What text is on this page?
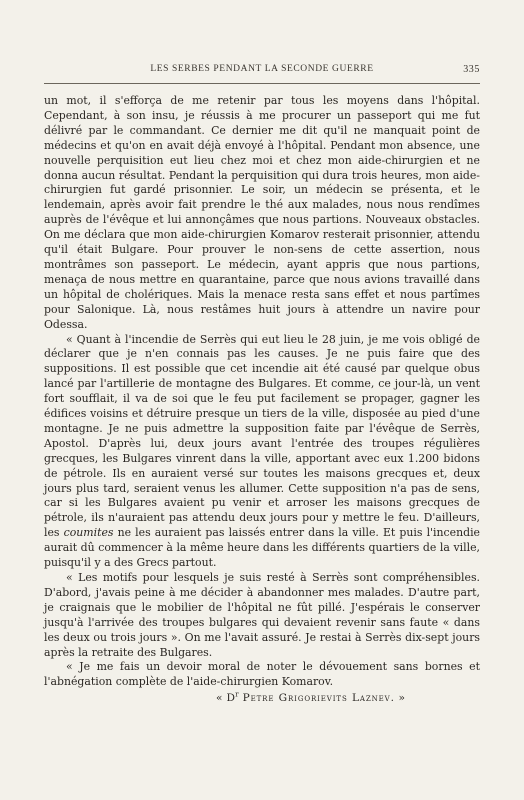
LES SERBES PENDANT LA SECONDE GUERRE	335

un mot, il s'efforça de me retenir par tous les moyens dans l'hôpital. Cependant, à son insu, je réussis à me procurer un passeport qui me fut délivré par le commandant. Ce dernier me dit qu'il ne manquait point de médecins et qu'on en avait déjà envoyé à l'hôpital. Pendant mon absence, une nouvelle perquisition eut lieu chez moi et chez mon aide-chirurgien et ne donna aucun résultat. Pendant la perquisition qui dura trois heures, mon aide-chirurgien fut gardé prisonnier. Le soir, un médecin se présenta, et le lendemain, après avoir fait prendre le thé aux malades, nous nous rendîmes auprès de l'évêque et lui annonçâmes que nous partions. Nouveaux obstacles. On me déclara que mon aide-chirurgien Komarov resterait prisonnier, attendu qu'il était Bulgare. Pour prouver le non-sens de cette assertion, nous montrâmes son passeport. Le médecin, ayant appris que nous partions, menaça de nous mettre en quarantaine, parce que nous avions travaillé dans un hôpital de cholériques. Mais la menace resta sans effet et nous partîmes pour Salonique. Là, nous restâmes huit jours à attendre un navire pour Odessa.

« Quant à l'incendie de Serrès qui eut lieu le 28 juin, je me vois obligé de déclarer que je n'en connais pas les causes. Je ne puis faire que des suppositions. Il est possible que cet incendie ait été causé par quelque obus lancé par l'artillerie de montagne des Bulgares. Et comme, ce jour-là, un vent fort soufflait, il va de soi que le feu put facilement se propager, gagner les édifices voisins et détruire presque un tiers de la ville, disposée au pied d'une montagne. Je ne puis admettre la supposition faite par l'évêque de Serrès, Apostol. D'après lui, deux jours avant l'entrée des troupes régulières grecques, les Bulgares vinrent dans la ville, apportant avec eux 1.200 bidons de pétrole. Ils en auraient versé sur toutes les maisons grecques et, deux jours plus tard, seraient venus les allumer. Cette supposition n'a pas de sens, car si les Bulgares avaient pu venir et arroser les maisons grecques de pétrole, ils n'auraient pas attendu deux jours pour y mettre le feu. D'ailleurs, les coumites ne les auraient pas laissés entrer dans la ville. Et puis l'incendie aurait dû commencer à la même heure dans les différents quartiers de la ville, puisqu'il y a des Grecs partout.

« Les motifs pour lesquels je suis resté à Serrès sont compréhensibles. D'abord, j'avais peine à me décider à abandonner mes malades. D'autre part, je craignais que le mobilier de l'hôpital ne fût pillé. J'espérais le conserver jusqu'à l'arrivée des troupes bulgares qui devaient revenir sans faute « dans les deux ou trois jours ». On me l'avait assuré. Je restai à Serrès dix-sept jours après la retraite des Bulgares.

« Je me fais un devoir moral de noter le dévouement sans bornes et l'abnégation complète de l'aide-chirurgien Komarov.

« $D^r$ Petre Grigorievits Laznev. »
